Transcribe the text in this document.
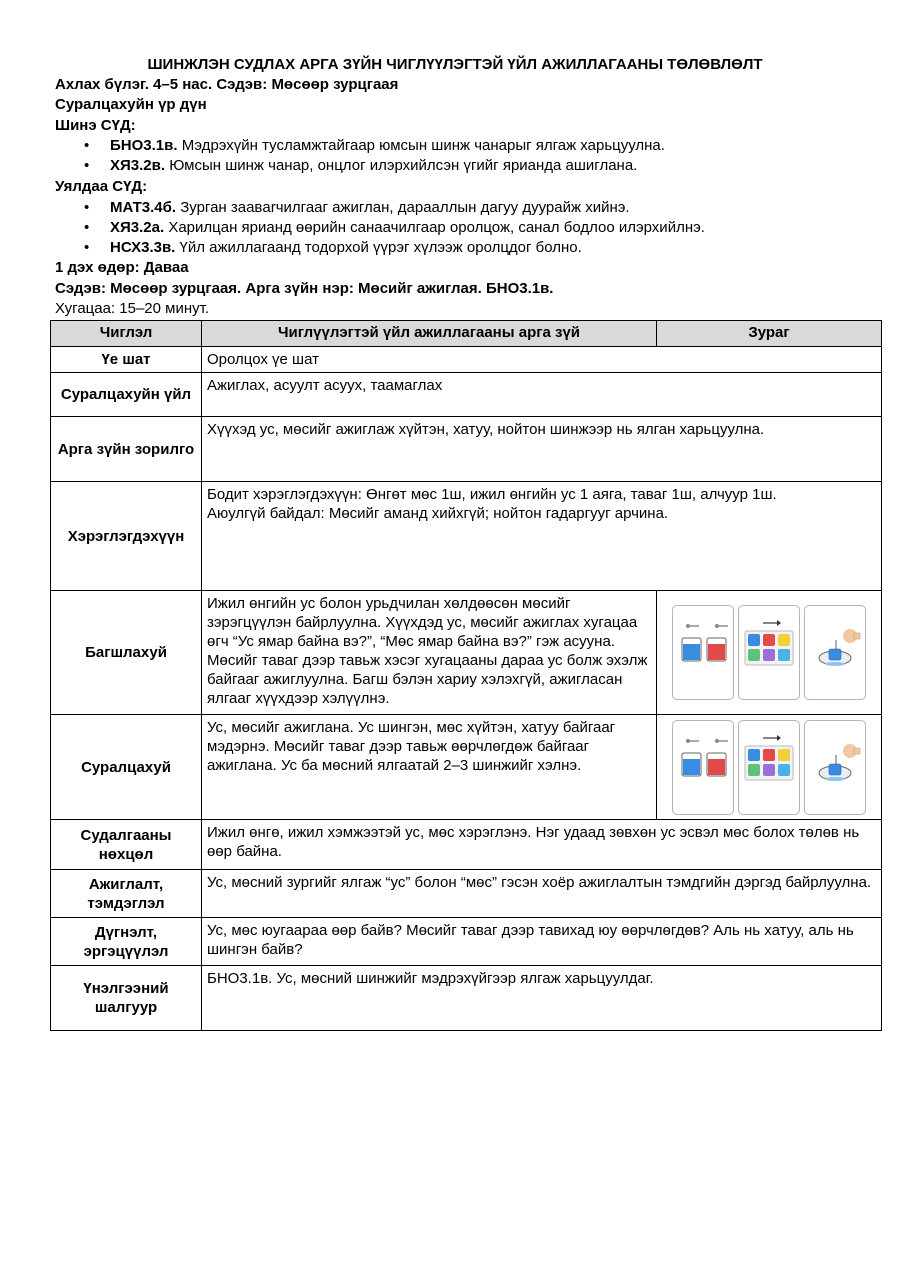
ШИНЖЛЭН СУДЛАХ АРГА ЗҮЙН ЧИГЛҮҮЛЭГТЭЙ ҮЙЛ АЖИЛЛАГААНЫ ТӨЛӨВЛӨЛТ
Ахлах бүлэг. 4–5 нас. Сэдэв: Мөсөөр зурцгаая
Суралцахуйн үр дүн
Шинэ СҮД:
• БНО3.1в. Мэдрэхүйн тусламжтайгаар юмсын шинж чанарыг ялгаж харьцуулна.
• ХЯ3.2в. Юмсын шинж чанар, онцлог илэрхийлсэн үгийг ярианда ашиглана.
Уялдаа СҮД:
• МАТ3.4б. Зурган заавarчилгааг ажиглан, дарааллын дагуу дуурайж хийнэ.
• ХЯ3.2а. Харилцан ярианд өөрийн санаачилгаар оролцож, санал бодлоо илэрхийлнэ.
• НСХ3.3в. Үйл ажиллагаанд тодорхой үүрэг хүлээж оролцдог болно.
1 дэх өдөр: Даваа
Сэдэв: Мөсөөр зурцгаая. Арга зүйн нэр: Мөсийг ажиглая. БНО3.1в.
Хугацаа: 15–20 минут.
Чиглэл	Чиглүүлэгтэй үйл ажиллагааны арга зүй	Зураг
Үе шат	Оролцох үе шат	
Суралцахуйн үйл	Ажиглах, асуулт асуух, таамаглах	
Арга зүйн зорилго	Хүүхэд ус, мөсийг ажиглаж хүйтэн, хатуу, нойтон шинжээр нь ялган харьцуулна.	
Хэрэглэгдэхүүн	Бодит хэрэглэгдэхүүн: Өнгөт мөс 1ш, ижил өнгийн ус 1 аяга, таваг 1ш, алчуур 1ш.
Аюулгүй байдал: Мөсийг аманд хийхгүй; нойтон гадаргууг арчина.	

Багшлахуй	Ижил өнгийн ус болон урьдчилан хөлдөөсөн мөсийг зэрэгцүүлэн байрлуулна. Хүүхдэд ус, мөсийг ажиглах хугацаа өгч “Ус ямар байна вэ?”, “Мөс ямар байна вэ?” гэж асууна. Мөсийг таваг дээр тавьж хэсэг хугацааны дараа ус болж эхэлж байгааг ажиглуулна. Багш бэлэн хариу хэлэхгүй, ажигласан ялгааг хүүхдээр хэлүүлнэ.	

Суралцахуй	Ус, мөсийг ажиглана. Ус шингэн, мөс хүйтэн, хатуу байгааг мэдэрнэ. Мөсийг таваг дээр тавьж өөрчлөгдөж байгааг ажиглана. Ус ба мөсний ялгаатай 2–3 шинжийг хэлнэ.	

Судалгааны нөхцөл	Ижил өнгө, ижил хэмжээтэй ус, мөс хэрэглэнэ. Нэг удаад зөвхөн ус эсвэл мөс болох төлөв нь өөр байна.	
Ажиглалт, тэмдэглэл	Ус, мөсний зургийг ялгаж “ус” болон “мөс” гэсэн хоёр ажиглалтын тэмдгийн дэргэд байрлуулна.	
Дүгнэлт, эргэцүүлэл	Ус, мөс юугаараа өөр байв? Мөсийг таваг дээр тавихад юу өөрчлөгдөв? Аль нь хатуу, аль нь шингэн байв?	
Үнэлгээний шалгуур	БНО3.1в. Ус, мөсний шинжийг мэдрэхүйгээр ялгаж харьцуулдаг.	
